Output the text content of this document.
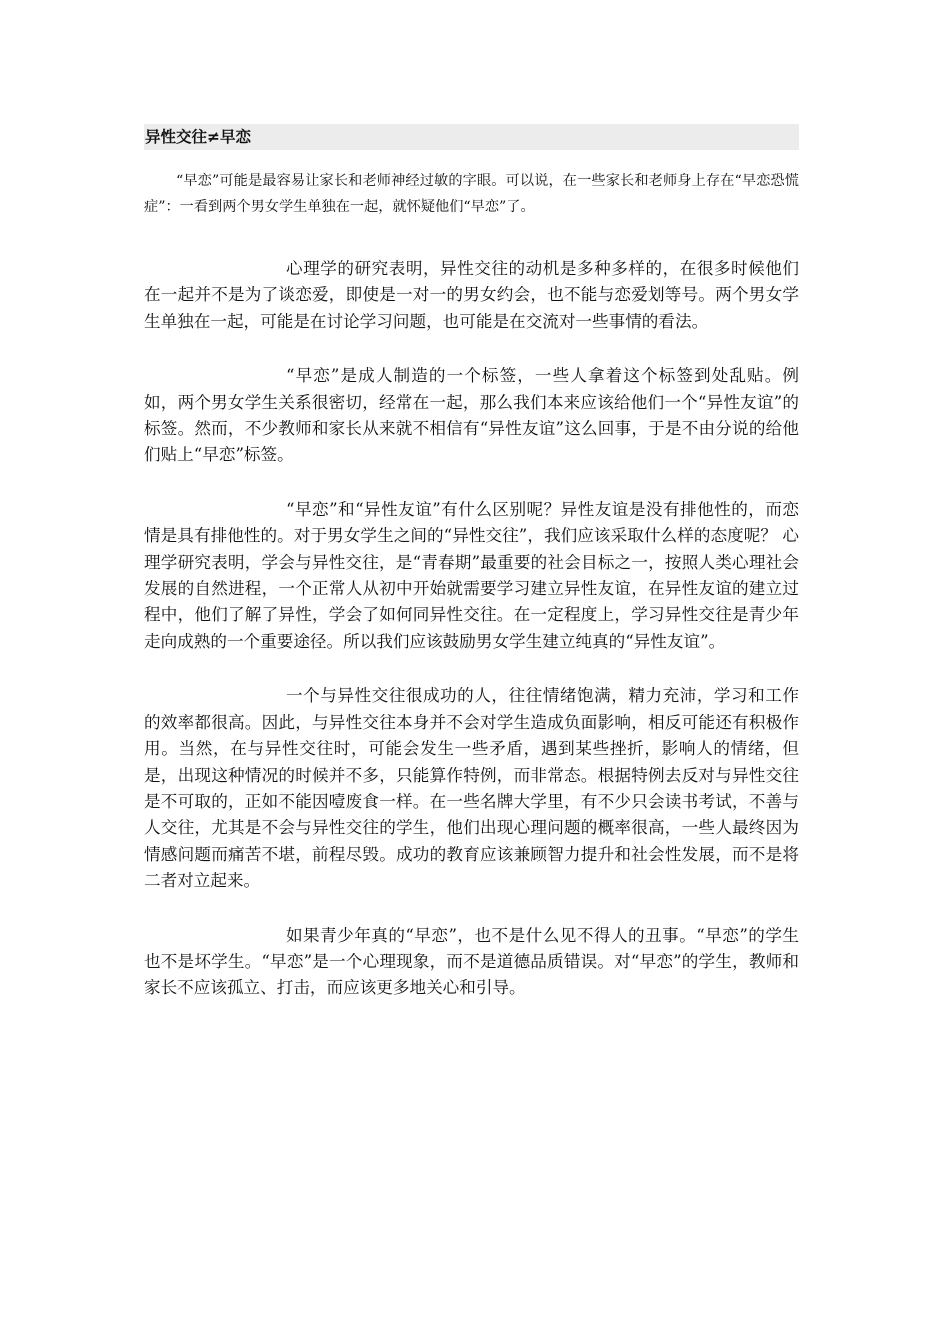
异性交往≠早恋

“早恋”可能是最容易让家长和老师神经过敏的字眼。可以说，在一些家长和老师身上存在“早恋恐慌症”：一看到两个男女学生单独在一起，就怀疑他们“早恋”了。

心理学的研究表明，异性交往的动机是多种多样的，在很多时候他们在一起并不是为了谈恋爱，即使是一对一的男女约会，也不能与恋爱划等号。两个男女学生单独在一起，可能是在讨论学习问题，也可能是在交流对一些事情的看法。

“早恋”是成人制造的一个标签，一些人拿着这个标签到处乱贴。例如，两个男女学生关系很密切，经常在一起，那么我们本来应该给他们一个“异性友谊”的标签。然而，不少教师和家长从来就不相信有“异性友谊”这么回事，于是不由分说的给他们贴上“早恋”标签。

“早恋”和“异性友谊”有什么区别呢？异性友谊是没有排他性的，而恋情是具有排他性的。对于男女学生之间的“异性交往”，我们应该采取什么样的态度呢？ 心理学研究表明，学会与异性交往，是“青春期”最重要的社会目标之一，按照人类心理社会发展的自然进程，一个正常人从初中开始就需要学习建立异性友谊，在异性友谊的建立过程中，他们了解了异性，学会了如何同异性交往。在一定程度上，学习异性交往是青少年走向成熟的一个重要途径。所以我们应该鼓励男女学生建立纯真的“异性友谊”。

一个与异性交往很成功的人，往往情绪饱满，精力充沛，学习和工作的效率都很高。因此，与异性交往本身并不会对学生造成负面影响，相反可能还有积极作用。当然，在与异性交往时，可能会发生一些矛盾，遇到某些挫折，影响人的情绪，但是，出现这种情况的时候并不多，只能算作特例，而非常态。根据特例去反对与异性交往是不可取的，正如不能因噎废食一样。在一些名牌大学里，有不少只会读书考试，不善与人交往，尤其是不会与异性交往的学生，他们出现心理问题的概率很高，一些人最终因为情感问题而痛苦不堪，前程尽毁。成功的教育应该兼顾智力提升和社会性发展，而不是将二者对立起来。

如果青少年真的“早恋”，也不是什么见不得人的丑事。“早恋”的学生也不是坏学生。“早恋”是一个心理现象，而不是道德品质错误。对“早恋”的学生，教师和家长不应该孤立、打击，而应该更多地关心和引导。
